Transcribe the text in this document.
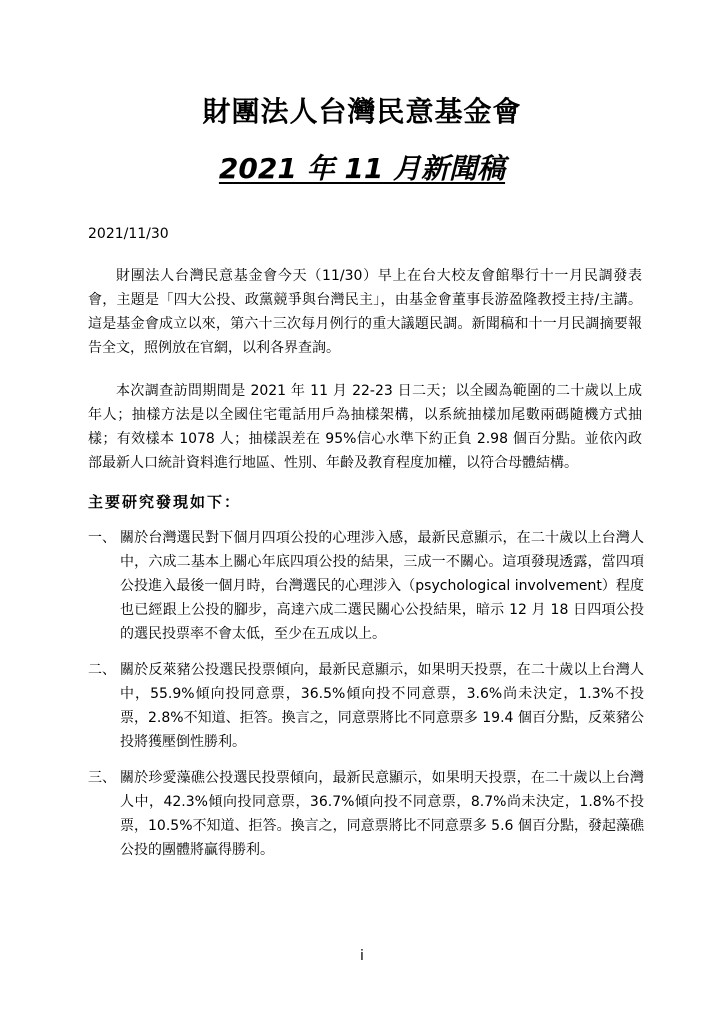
財團法人台灣民意基金會
2021 年 11 月新聞稿
2021/11/30

財團法人台灣民意基金會今天（11/30）早上在台大校友會館舉行十一月民調發表會，主題是「四大公投、政黨競爭與台灣民主」，由基金會董事長游盈隆教授主持/主講。這是基金會成立以來，第六十三次每月例行的重大議題民調。新聞稿和十一月民調摘要報告全文，照例放在官網，以利各界查詢。

本次調查訪問期間是 2021 年 11 月 22-23 日二天；以全國為範圍的二十歲以上成年人；抽樣方法是以全國住宅電話用戶為抽樣架構，以系統抽樣加尾數兩碼隨機方式抽樣；有效樣本 1078 人；抽樣誤差在 95%信心水準下約正負 2.98 個百分點。並依內政部最新人口統計資料進行地區、性別、年齡及教育程度加權，以符合母體結構。

主要研究發現如下：
一、 關於台灣選民對下個月四項公投的心理涉入感，最新民意顯示，在二十歲以上台灣人中，六成二基本上關心年底四項公投的結果，三成一不關心。這項發現透露，當四項公投進入最後一個月時，台灣選民的心理涉入（psychological involvement）程度也已經跟上公投的腳步，高達六成二選民關心公投結果，暗示 12 月 18 日四項公投的選民投票率不會太低，至少在五成以上。
二、 關於反萊豬公投選民投票傾向，最新民意顯示，如果明天投票，在二十歲以上台灣人中，55.9%傾向投同意票，36.5%傾向投不同意票，3.6%尚未決定，1.3%不投票，2.8%不知道、拒答。換言之，同意票將比不同意票多 19.4 個百分點，反萊豬公投將獲壓倒性勝利。
三、 關於珍愛藻礁公投選民投票傾向，最新民意顯示，如果明天投票，在二十歲以上台灣人中，42.3%傾向投同意票，36.7%傾向投不同意票，8.7%尚未決定，1.8%不投票，10.5%不知道、拒答。換言之，同意票將比不同意票多 5.6 個百分點，發起藻礁公投的團體將贏得勝利。
i
